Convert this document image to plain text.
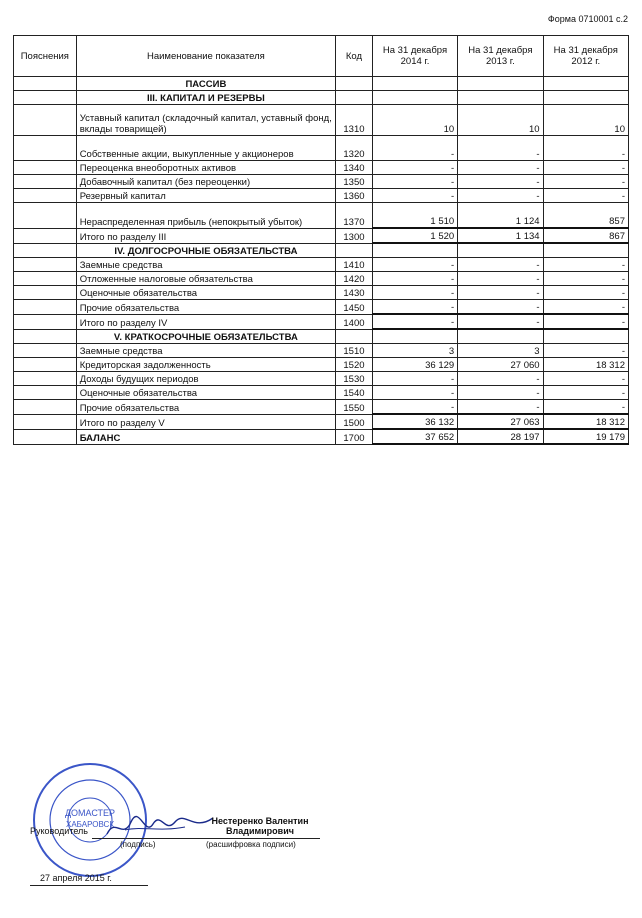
Форма 0710001 с.2
Пояснения	Наименование показателя	Код	На 31 декабря 2014 г.	На 31 декабря 2013 г.	На 31 декабря 2012 г.
	ПАССИВ				
	III. КАПИТАЛ И РЕЗЕРВЫ				
	Уставный капитал (складочный капитал, уставный фонд, вклады товарищей)	1310	10	10	10
	Собственные акции, выкупленные у акционеров	1320	-	-	-
	Переоценка внеоборотных активов	1340	-	-	-
	Добавочный капитал (без переоценки)	1350	-	-	-
	Резервный капитал	1360	-	-	-
	Нераспределенная прибыль (непокрытый убыток)	1370	1 510	1 124	857
	Итого по разделу III	1300	1 520	1 134	867
	IV. ДОЛГОСРОЧНЫЕ ОБЯЗАТЕЛЬСТВА				
	Заемные средства	1410	-	-	-
	Отложенные налоговые обязательства	1420	-	-	-
	Оценочные обязательства	1430	-	-	-
	Прочие обязательства	1450	-	-	-
	Итого по разделу IV	1400	-	-	-
	V. КРАТКОСРОЧНЫЕ ОБЯЗАТЕЛЬСТВА				
	Заемные средства	1510	3	3	-
	Кредиторская задолженность	1520	36 129	27 060	18 312
	Доходы будущих периодов	1530	-	-	-
	Оценочные обязательства	1540	-	-	-
	Прочие обязательства	1550	-	-	-
	Итого по разделу V	1500	36 132	27 063	18 312
	БАЛАНС	1700	37 652	28 197	19 179
ДОМАСТЕР
ХАБАРОВСК
Руководитель
(подпись)
Нестеренко Валентин Владимирович
(расшифровка подписи)
27 апреля 2015 г.
